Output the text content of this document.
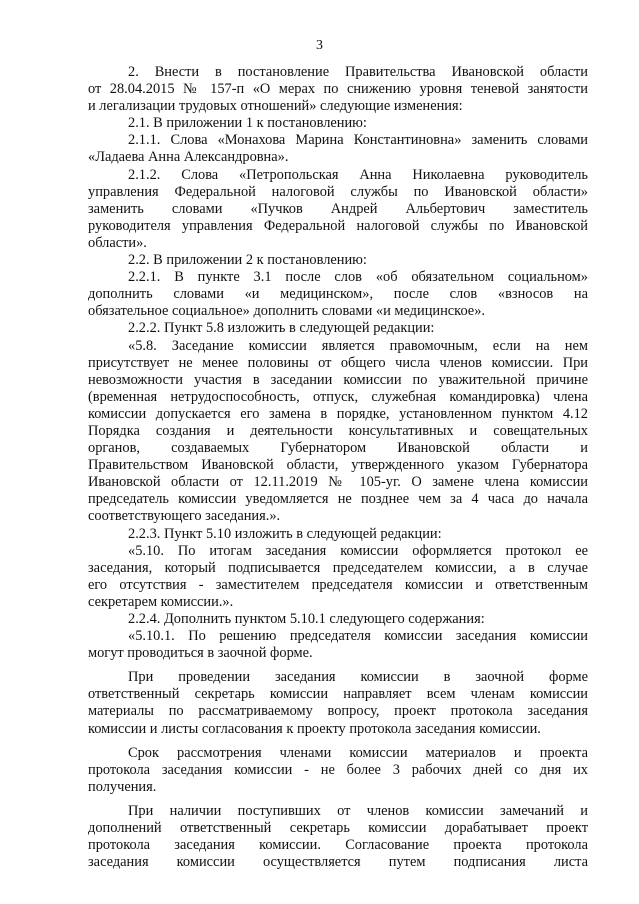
3
2. Внести в постановление Правительства Ивановской области
от 28.04.2015 № 157-п «О мерах по снижению уровня теневой занятости
и легализации трудовых отношений» следующие изменения:
2.1. В приложении 1 к постановлению:
2.1.1. Слова «Монахова Марина Константиновна» заменить словами
«Ладаева Анна Александровна».
2.1.2. Слова «Петропольская Анна Николаевна руководитель
управления Федеральной налоговой службы по Ивановской области»
заменить словами «Пучков Андрей Альбертович заместитель
руководителя управления Федеральной налоговой службы по Ивановской
области».
2.2. В приложении 2 к постановлению:
2.2.1. В пункте 3.1 после слов «об обязательном социальном»
дополнить словами «и медицинском», после слов «взносов на
обязательное социальное» дополнить словами «и медицинское».
2.2.2. Пункт 5.8 изложить в следующей редакции:
«5.8. Заседание комиссии является правомочным, если на нем
присутствует не менее половины от общего числа членов комиссии. При
невозможности участия в заседании комиссии по уважительной причине
(временная нетрудоспособность, отпуск, служебная командировка) члена
комиссии допускается его замена в порядке, установленном пунктом 4.12
Порядка создания и деятельности консультативных и совещательных
органов, создаваемых Губернатором Ивановской области и
Правительством Ивановской области, утвержденного указом Губернатора
Ивановской области от 12.11.2019 № 105-уг. О замене члена комиссии
председатель комиссии уведомляется не позднее чем за 4 часа до начала
соответствующего заседания.».
2.2.3. Пункт 5.10 изложить в следующей редакции:
«5.10. По итогам заседания комиссии оформляется протокол ее
заседания, который подписывается председателем комиссии, а в случае
его отсутствия - заместителем председателя комиссии и ответственным
секретарем комиссии.».
2.2.4. Дополнить пунктом 5.10.1 следующего содержания:
«5.10.1. По решению председателя комиссии заседания комиссии
могут проводиться в заочной форме.
При проведении заседания комиссии в заочной форме
ответственный секретарь комиссии направляет всем членам комиссии
материалы по рассматриваемому вопросу, проект протокола заседания
комиссии и листы согласования к проекту протокола заседания комиссии.
Срок рассмотрения членами комиссии материалов и проекта
протокола заседания комиссии - не более 3 рабочих дней со дня их
получения.
При наличии поступивших от членов комиссии замечаний и
дополнений ответственный секретарь комиссии дорабатывает проект
протокола заседания комиссии. Согласование проекта протокола
заседания комиссии осуществляется путем подписания листа
